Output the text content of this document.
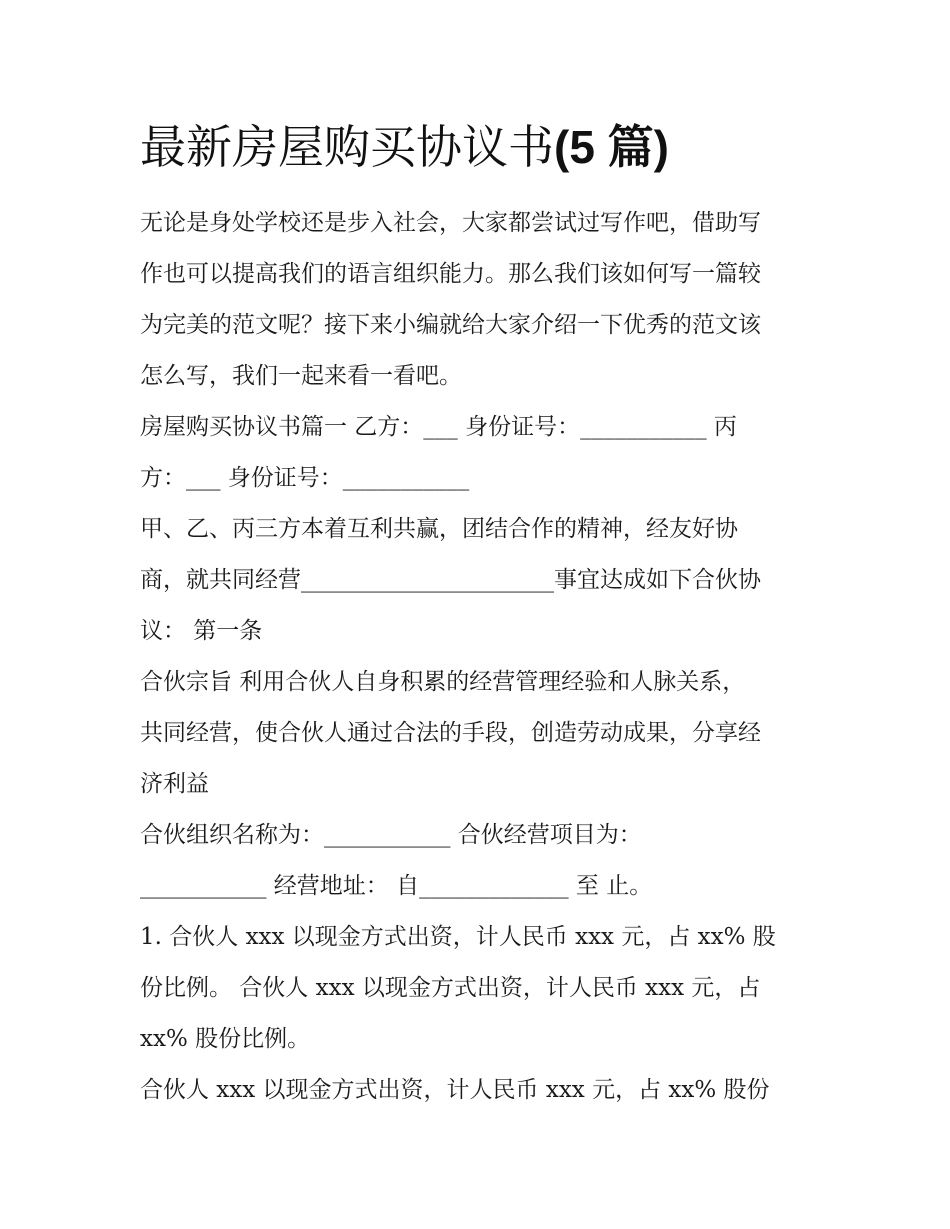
最新房屋购买协议书(5 篇)

无论是身处学校还是步入社会，大家都尝试过写作吧，借助写
作也可以提高我们的语言组织能力。那么我们该如何写一篇较
为完美的范文呢？接下来小编就给大家介绍一下优秀的范文该
怎么写，我们一起来看一看吧。

房屋购买协议书篇一 乙方：___ 身份证号：___________ 丙
方：___ 身份证号：___________

甲、乙、丙三方本着互利共赢，团结合作的精神，经友好协
商，就共同经营______________________事宜达成如下合伙协
议： 第一条

合伙宗旨 利用合伙人自身积累的经营管理经验和人脉关系，
共同经营，使合伙人通过合法的手段，创造劳动成果，分享经
济利益

合伙组织名称为：___________ 合伙经营项目为：
___________ 经营地址： 自_____________ 至 止。

1. 合伙人 xxx 以现金方式出资，计人民币 xxx 元，占 xx% 股
份比例。 合伙人 xxx 以现金方式出资，计人民币 xxx 元，占
xx% 股份比例。

合伙人 xxx 以现金方式出资，计人民币 xxx 元，占 xx% 股份
